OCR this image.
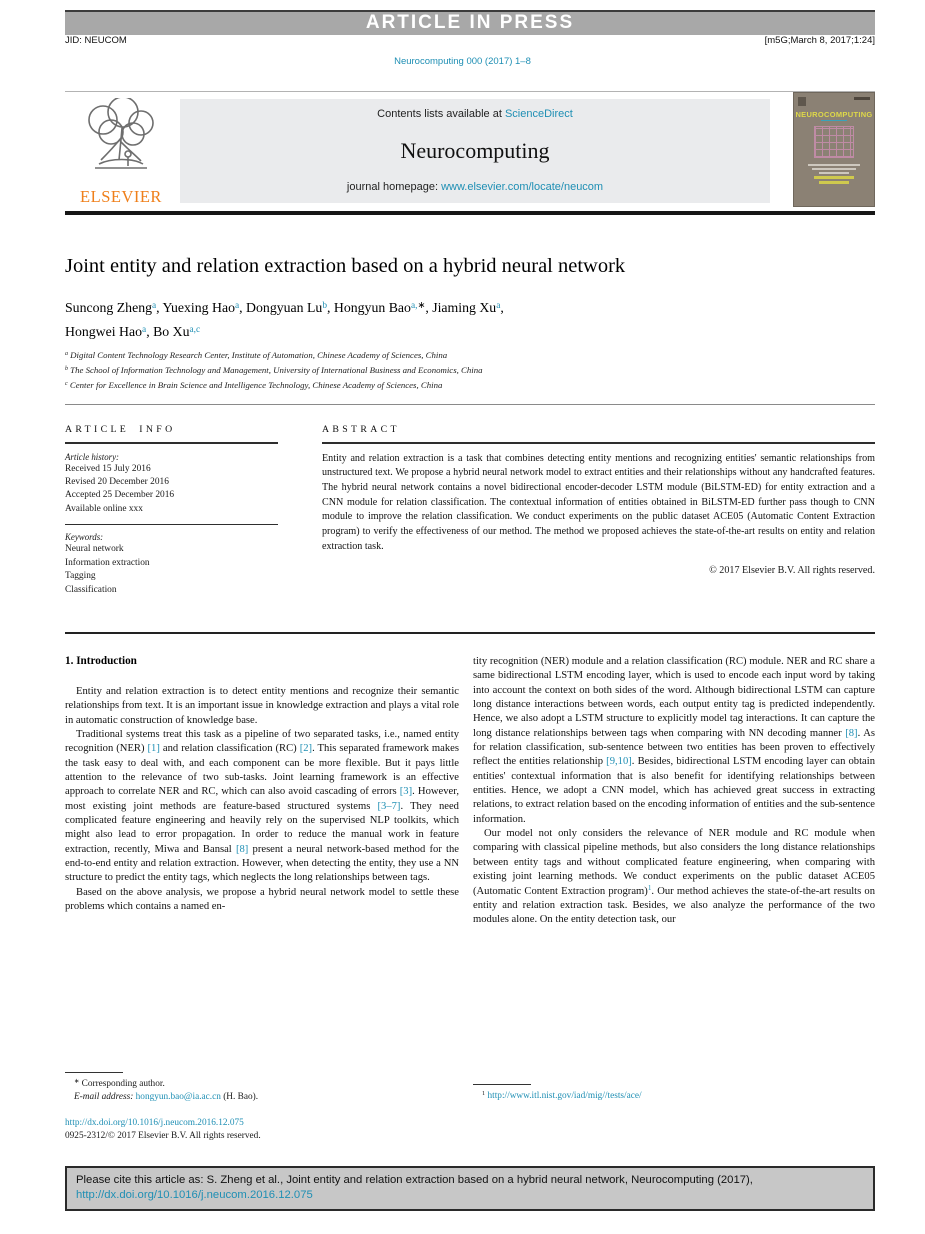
ARTICLE IN PRESS
JID: NEUCOM	[m5G;March 8, 2017;1:24]
Neurocomputing 000 (2017) 1–8
ELSEVIER
Contents lists available at ScienceDirect
Neurocomputing
journal homepage: www.elsevier.com/locate/neucom
NEUROCOMPUTING
Joint entity and relation extraction based on a hybrid neural network
Suncong Zheng$^a$, Yuexing Hao$^a$, Dongyuan Lu$^b$, Hongyun Bao$^{a,∗}$, Jiaming Xu$^a$,
Hongwei Hao$^a$, Bo Xu$^{a,c}$
$^a$ Digital Content Technology Research Center, Institute of Automation, Chinese Academy of Sciences, China
$^b$ The School of Information Technology and Management, University of International Business and Economics, China
$^c$ Center for Excellence in Brain Science and Intelligence Technology, Chinese Academy of Sciences, China
ARTICLE INFO
Article history:
Received 15 July 2016
Revised 20 December 2016
Accepted 25 December 2016
Available online xxx
Keywords:
Neural network
Information extraction
Tagging
Classification
ABSTRACT
Entity and relation extraction is a task that combines detecting entity mentions and recognizing entities' semantic relationships from unstructured text. We propose a hybrid neural network model to extract entities and their relationships without any handcrafted features. The hybrid neural network contains a novel bidirectional encoder-decoder LSTM module (BiLSTM-ED) for entity extraction and a CNN module for relation classification. The contextual information of entities obtained in BiLSTM-ED further pass though to CNN module to improve the relation classification. We conduct experiments on the public dataset ACE05 (Automatic Content Extraction program) to verify the effectiveness of our method. The method we proposed achieves the state-of-the-art results on entity and relation extraction task.
© 2017 Elsevier B.V. All rights reserved.
1. Introduction

Entity and relation extraction is to detect entity mentions and recognize their semantic relationships from text. It is an important issue in knowledge extraction and plays a vital role in automatic construction of knowledge base.

Traditional systems treat this task as a pipeline of two separated tasks, i.e., named entity recognition (NER) [1] and relation classification (RC) [2]. This separated framework makes the task easy to deal with, and each component can be more flexible. But it pays little attention to the relevance of two sub-tasks. Joint learning framework is an effective approach to correlate NER and RC, which can also avoid cascading of errors [3]. However, most existing joint methods are feature-based structured systems [3–7]. They need complicated feature engineering and heavily rely on the supervised NLP toolkits, which might also lead to error propagation. In order to reduce the manual work in feature extraction, recently, Miwa and Bansal [8] present a neural network-based method for the end-to-end entity and relation extraction. However, when detecting the entity, they use a NN structure to predict the entity tags, which neglects the long relationships between tags.

Based on the above analysis, we propose a hybrid neural network model to settle these problems which contains a named en-

tity recognition (NER) module and a relation classification (RC) module. NER and RC share a same bidirectional LSTM encoding layer, which is used to encode each input word by taking into account the context on both sides of the word. Although bidirectional LSTM can capture long distance interactions between words, each output entity tag is predicted independently. Hence, we also adopt a LSTM structure to explicitly model tag interactions. It can capture the long distance relationships between tags when comparing with NN decoding manner [8]. As for relation classification, sub-sentence between two entities has been proven to effectively reflect the entities relationship [9,10]. Besides, bidirectional LSTM encoding layer can obtain entities' contextual information that is also benefit for identifying relationships between entities. Hence, we adopt a CNN model, which has achieved great success in extracting relations, to extract relation based on the encoding information of entities and the sub-sentence information.

Our model not only considers the relevance of NER module and RC module when comparing with classical pipeline methods, but also considers the long distance relationships between entity tags and without complicated feature engineering, when comparing with existing joint learning methods. We conduct experiments on the public dataset ACE05 (Automatic Content Extraction program)$^1$. Our method achieves the state-of-the-art results on entity and relation extraction task. Besides, we also analyze the performance of the two modules alone. On the entity detection task, our

∗ Corresponding author.
E-mail address: hongyun.bao@ia.ac.cn (H. Bao).
http://dx.doi.org/10.1016/j.neucom.2016.12.075
0925-2312/© 2017 Elsevier B.V. All rights reserved.
$^1$ http://www.itl.nist.gov/iad/mig//tests/ace/
Please cite this article as: S. Zheng et al., Joint entity and relation extraction based on a hybrid neural network, Neurocomputing (2017), http://dx.doi.org/10.1016/j.neucom.2016.12.075
